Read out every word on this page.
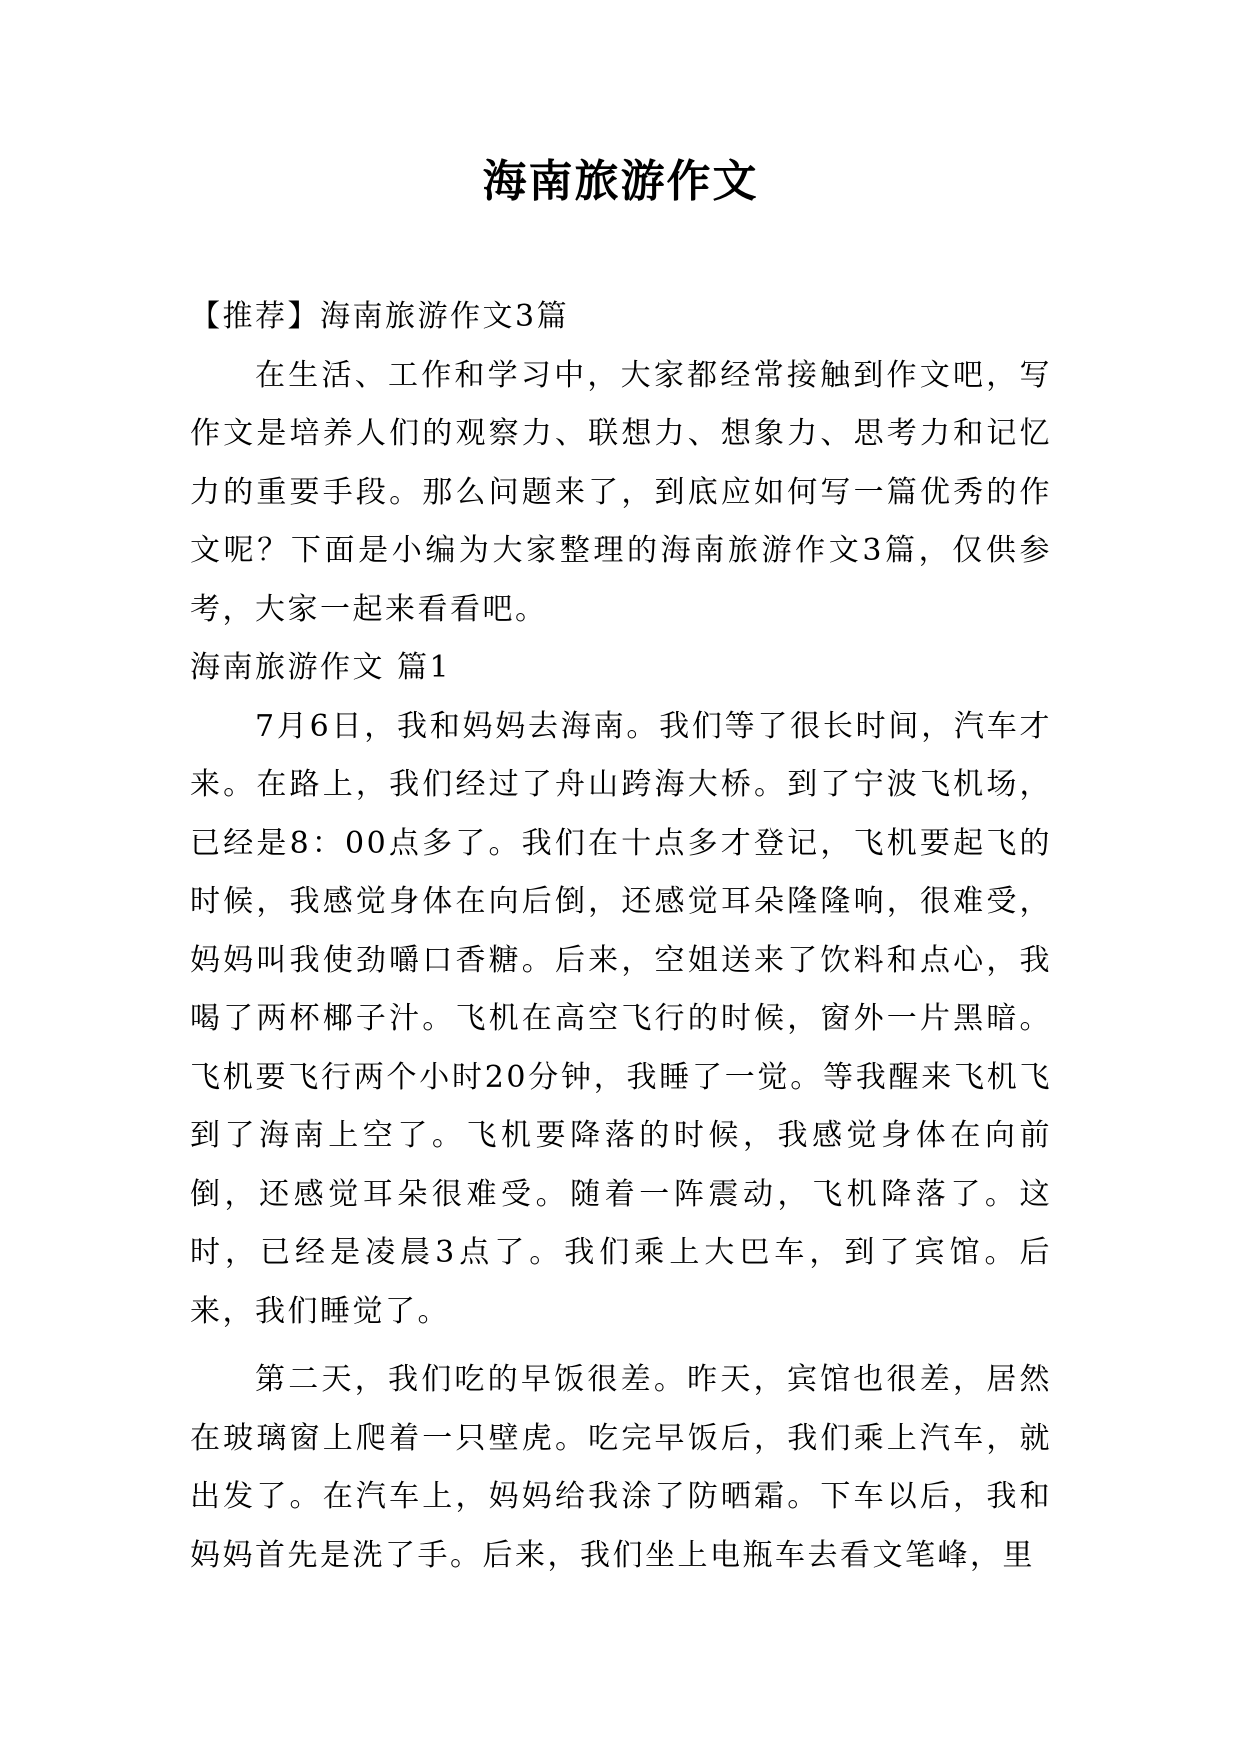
海南旅游作文

【推荐】海南旅游作文3篇

在生活、工作和学习中，大家都经常接触到作文吧，写作文是培养人们的观察力、联想力、想象力、思考力和记忆力的重要手段。那么问题来了，到底应如何写一篇优秀的作文呢？下面是小编为大家整理的海南旅游作文3篇，仅供参考，大家一起来看看吧。

海南旅游作文 篇1

7月6日，我和妈妈去海南。我们等了很长时间，汽车才来。在路上，我们经过了舟山跨海大桥。到了宁波飞机场，已经是8：00点多了。我们在十点多才登记，飞机要起飞的时候，我感觉身体在向后倒，还感觉耳朵隆隆响，很难受，妈妈叫我使劲嚼口香糖。后来，空姐送来了饮料和点心，我喝了两杯椰子汁。飞机在高空飞行的时候，窗外一片黑暗。飞机要飞行两个小时20分钟，我睡了一觉。等我醒来飞机飞到了海南上空了。飞机要降落的时候，我感觉身体在向前倒，还感觉耳朵很难受。随着一阵震动，飞机降落了。这时，已经是凌晨3点了。我们乘上大巴车，到了宾馆。后来，我们睡觉了。

第二天，我们吃的早饭很差。昨天，宾馆也很差，居然在玻璃窗上爬着一只壁虎。吃完早饭后，我们乘上汽车，就出发了。在汽车上，妈妈给我涂了防晒霜。下车以后，我和妈妈首先是洗了手。后来，我们坐上电瓶车去看文笔峰，里
